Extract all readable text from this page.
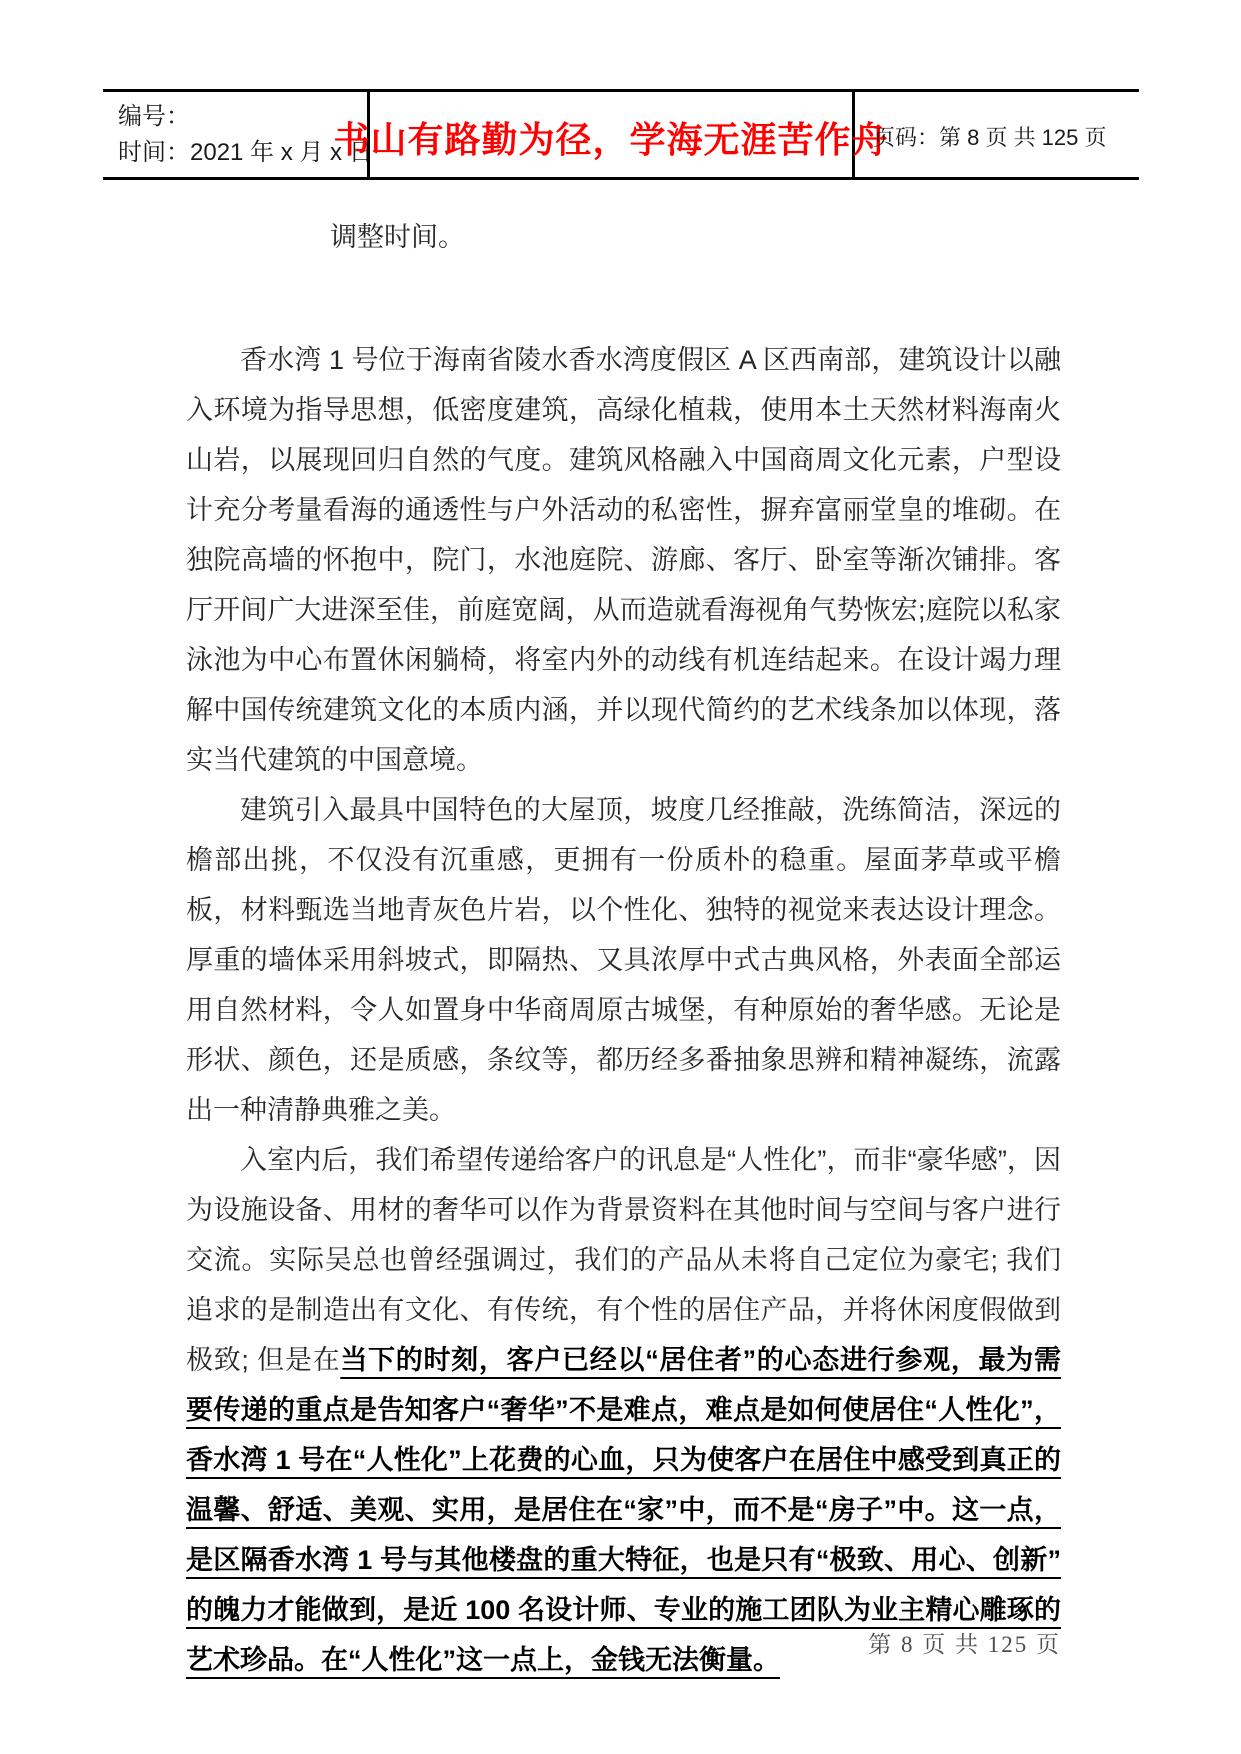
编号：
时间：2021 年 x 月 x 日
书山有路勤为径，学海无涯苦作舟
页码：第 8 页 共 125 页

调整时间。

香水湾 1 号位于海南省陵水香水湾度假区 A 区西南部，建筑设计以融入环境为指导思想，低密度建筑，高绿化植栽，使用本土天然材料海南火山岩，以展现回归自然的气度。建筑风格融入中国商周文化元素，户型设计充分考量看海的通透性与户外活动的私密性，摒弃富丽堂皇的堆砌。在独院高墙的怀抱中，院门，水池庭院、游廊、客厅、卧室等渐次铺排。客厅开间广大进深至佳，前庭宽阔，从而造就看海视角气势恢宏;庭院以私家泳池为中心布置休闲躺椅，将室内外的动线有机连结起来。在设计竭力理解中国传统建筑文化的本质内涵，并以现代简约的艺术线条加以体现，落实当代建筑的中国意境。

建筑引入最具中国特色的大屋顶，坡度几经推敲，洗练简洁，深远的檐部出挑，不仅没有沉重感，更拥有一份质朴的稳重。屋面茅草或平檐板，材料甄选当地青灰色片岩，以个性化、独特的视觉来表达设计理念。厚重的墙体采用斜坡式，即隔热、又具浓厚中式古典风格，外表面全部运用自然材料，令人如置身中华商周原古城堡，有种原始的奢华感。无论是形状、颜色，还是质感，条纹等，都历经多番抽象思辨和精神凝练，流露出一种清静典雅之美。

入室内后，我们希望传递给客户的讯息是“人性化”，而非“豪华感”，因为设施设备、用材的奢华可以作为背景资料在其他时间与空间与客户进行交流。实际吴总也曾经强调过，我们的产品从未将自己定位为豪宅; 我们追求的是制造出有文化、有传统，有个性的居住产品，并将休闲度假做到极致; 但是在当下的时刻，客户已经以“居住者”的心态进行参观，最为需要传递的重点是告知客户“奢华”不是难点，难点是如何使居住“人性化”，香水湾 1 号在“人性化”上花费的心血，只为使客户在居住中感受到真正的温馨、舒适、美观、实用，是居住在“家”中，而不是“房子”中。这一点，是区隔香水湾 1 号与其他楼盘的重大特征，也是只有“极致、用心、创新”的魄力才能做到，是近 100 名设计师、专业的施工团队为业主精心雕琢的艺术珍品。在“人性化”这一点上，金钱无法衡量。

第 8 页 共 125 页
